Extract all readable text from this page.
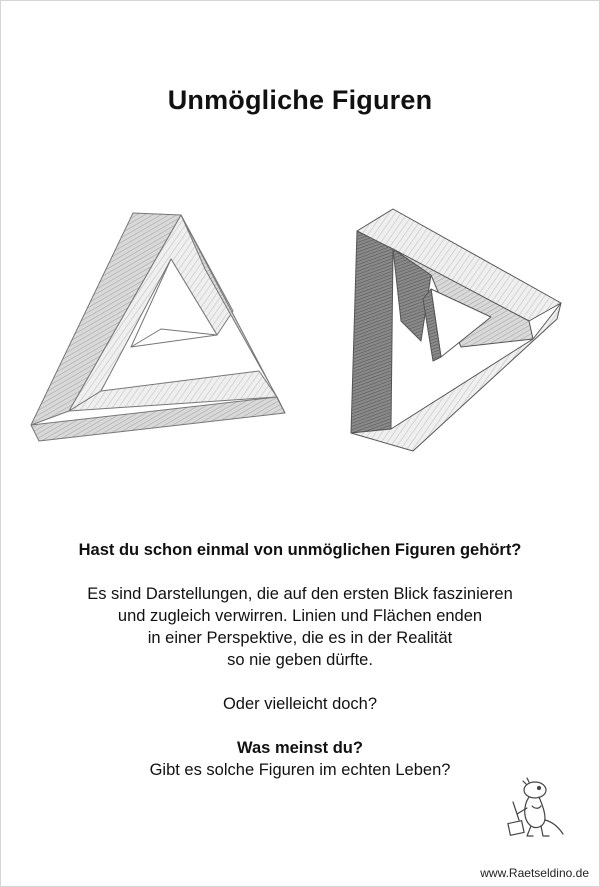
Unmögliche Figuren

Hast du schon einmal von unmöglichen Figuren gehört?

Es sind Darstellungen, die auf den ersten Blick faszinieren

und zugleich verwirren. Linien und Flächen enden

in einer Perspektive, die es in der Realität

so nie geben dürfte.

Oder vielleicht doch?

Was meinst du?

Gibt es solche Figuren im echten Leben?

www.Raetseldino.de
